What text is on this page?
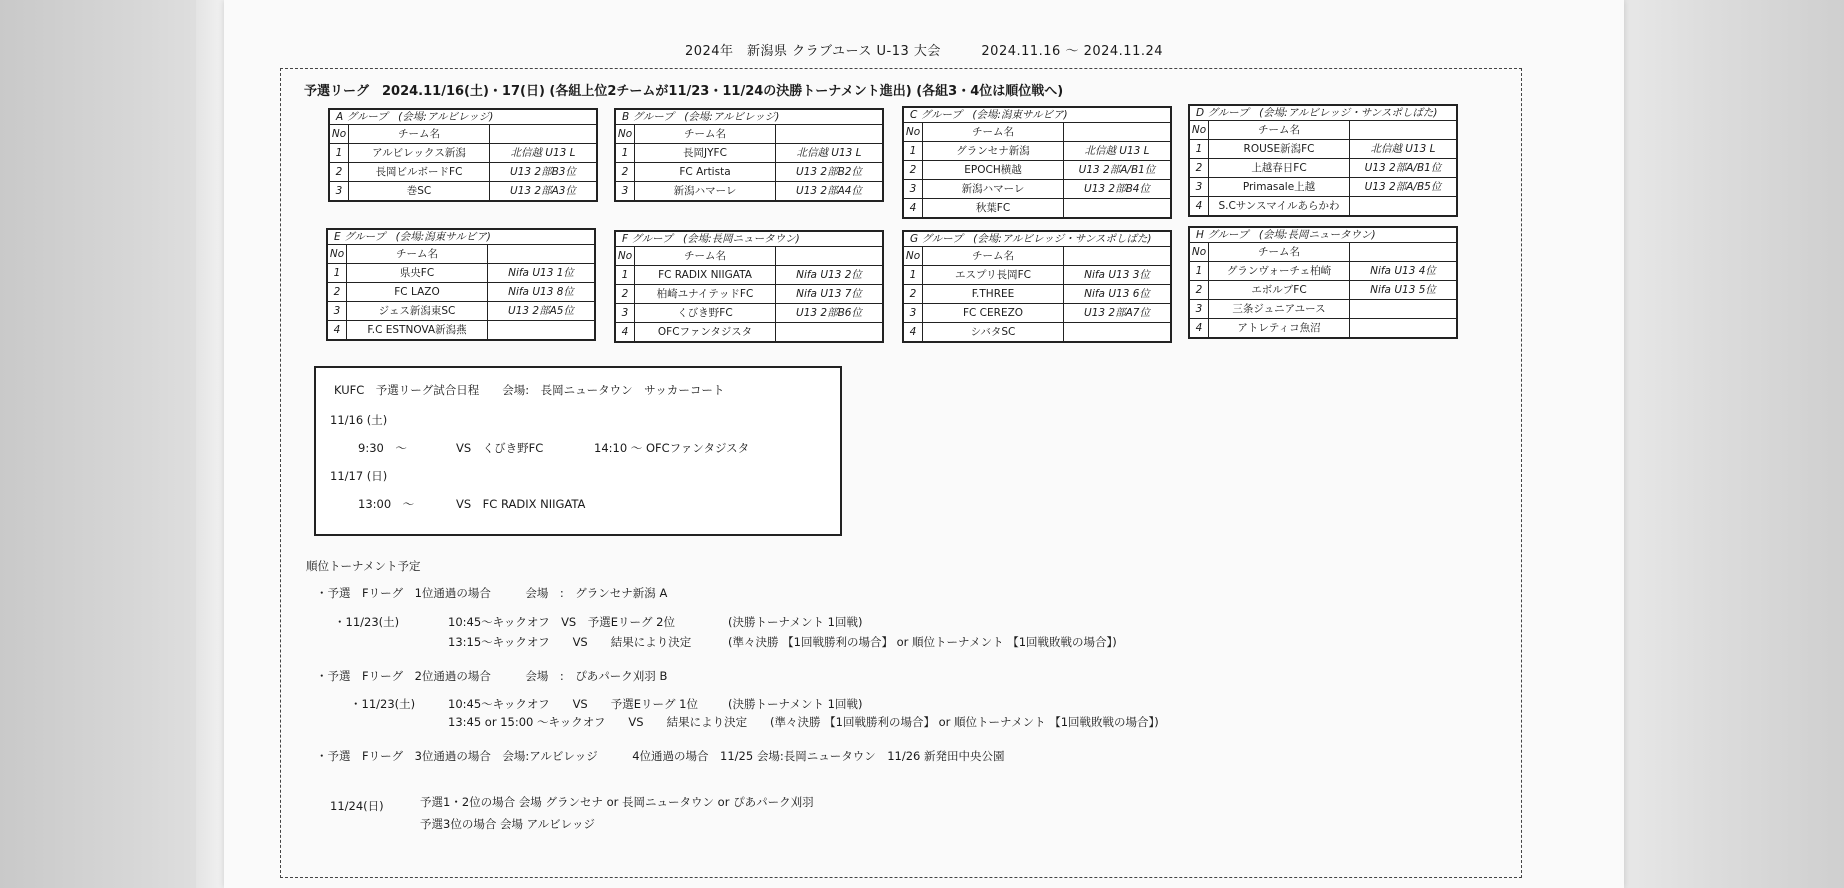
2024年　新潟県 クラブユース U-13 大会　　　2024.11.16 ～ 2024.11.24
予選リーグ　2024.11/16(土)・17(日) (各組上位2チームが11/23・11/24の決勝トーナメント進出) (各組3・4位は順位戦へ)
A グループ　(会場:アルビレッジ)
No	チーム名
1	アルビレックス新潟	北信越 U13 L
2	長岡ビルボードFC	U13 2部B3位
3	巻SC	U13 2部A3位
B グループ　(会場:アルビレッジ)
No	チーム名
1	長岡JYFC	北信越 U13 L
2	FC Artista	U13 2部B2位
3	新潟ハマーレ	U13 2部A4位
C グループ　(会場:潟東サルビア)
No	チーム名
1	グランセナ新潟	北信越 U13 L
2	EPOCH横越	U13 2部A/B1位
3	新潟ハマーレ	U13 2部B4位
4	秋葉FC
D グループ　(会場:アルビレッジ・サンスポしばた)
No	チーム名
1	ROUSE新潟FC	北信越 U13 L
2	上越春日FC	U13 2部A/B1位
3	Primasale上越	U13 2部A/B5位
4	S.Cサンスマイルあらかわ
E グループ　(会場:潟東サルビア)
No	チーム名
1	県央FC	Nifa U13 1位
2	FC LAZO	Nifa U13 8位
3	ジェス新潟東SC	U13 2部A5位
4	F.C ESTNOVA新潟燕
F グループ　(会場:長岡ニュータウン)
No	チーム名
1	FC RADIX NIIGATA	Nifa U13 2位
2	柏崎ユナイテッドFC	Nifa U13 7位
3	くびき野FC	U13 2部B6位
4	OFCファンタジスタ
G グループ　(会場:アルビレッジ・サンスポしばた)
No	チーム名
1	エスプリ長岡FC	Nifa U13 3位
2	F.THREE	Nifa U13 6位
3	FC CEREZO	U13 2部A7位
4	シバタSC
H グループ　(会場:長岡ニュータウン)
No	チーム名
1	グランヴォーチェ柏崎	Nifa U13 4位
2	エボルブFC	Nifa U13 5位
3	三条ジュニアユース
4	アトレティコ魚沼
KUFC　予選リーグ試合日程　　会場:　長岡ニュータウン　サッカーコート
11/16 (土)
9:30　～	VS　くびき野FC	14:10 ～ OFCファンタジスタ
11/17 (日)
13:00　～	VS　FC RADIX NIIGATA
順位トーナメント予定
・予選　Fリーグ　1位通過の場合　　　会場　:　グランセナ新潟 A
・11/23(土)	10:45～キックオフ　VS　予選Eリーグ 2位	(決勝トーナメント 1回戦)
13:15～キックオフ　　VS　　結果により決定	(準々決勝 【1回戦勝利の場合】 or 順位トーナメント 【1回戦敗戦の場合】)
・予選　Fリーグ　2位通過の場合　　　会場　:　ぴあパーク刈羽 B
・11/23(土)	10:45～キックオフ　　VS　　予選Eリーグ 1位	(決勝トーナメント 1回戦)
13:45 or 15:00 ～キックオフ　　VS　　結果により決定 (準々決勝 【1回戦勝利の場合】 or 順位トーナメント 【1回戦敗戦の場合】)
・予選　Fリーグ　3位通過の場合　会場:アルビレッジ　　　4位通過の場合　11/25 会場:長岡ニュータウン　11/26 新発田中央公園
11/24(日)	予選1・2位の場合 会場 グランセナ or 長岡ニュータウン or ぴあパーク刈羽
予選3位の場合 会場 アルビレッジ
